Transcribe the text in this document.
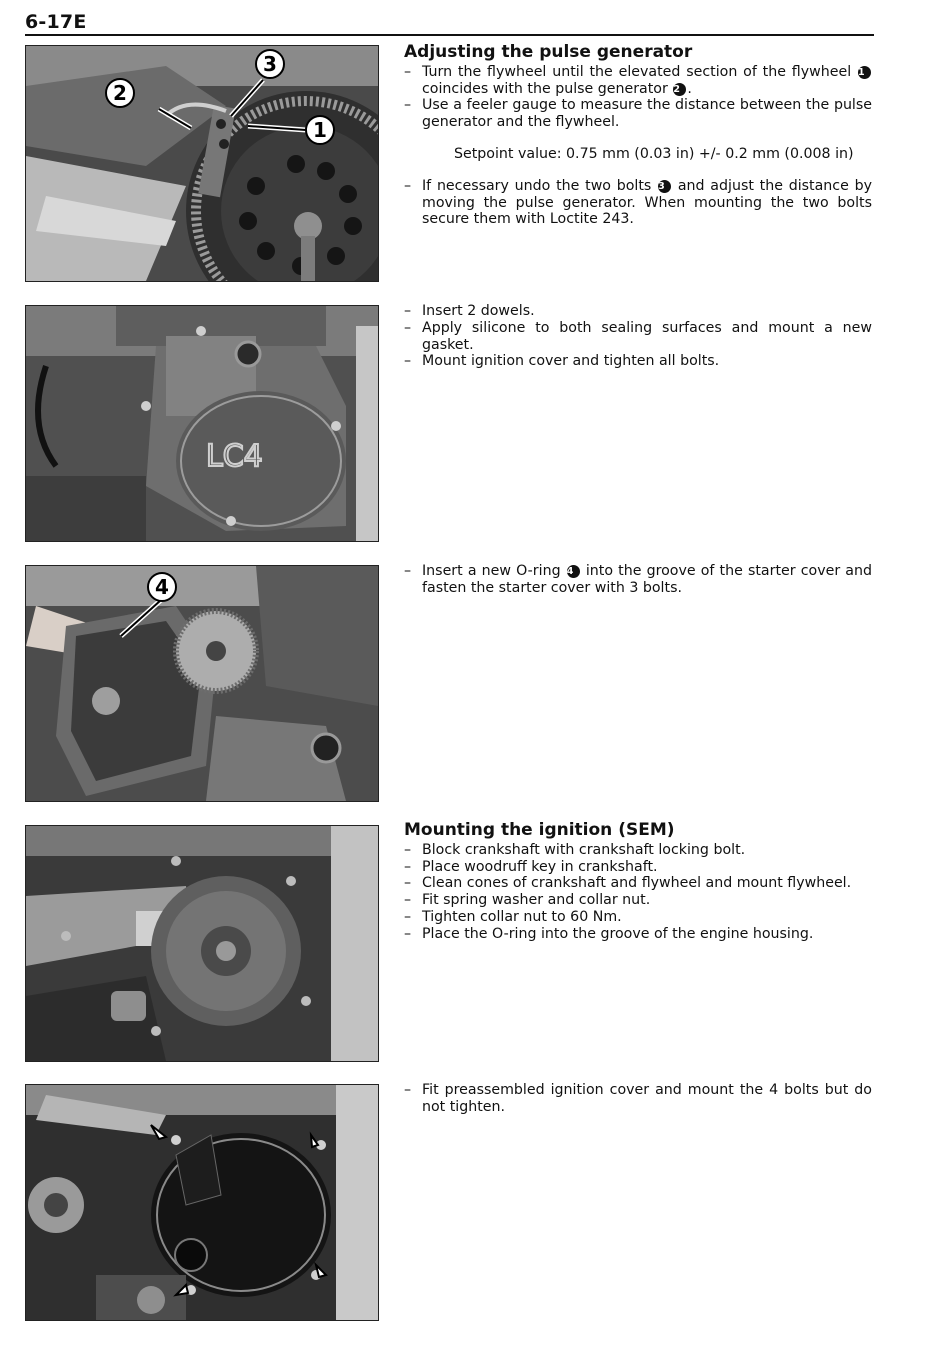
6-17E
2
3
1
Adjusting the pulse generator
– Turn the flywheel until the elevated section of the flywheel 1 coincides with the pulse generator 2 .
– Use a feeler gauge to measure the distance between the pulse generator and the flywheel.
Setpoint value: 0.75 mm (0.03 in) +/- 0.2 mm (0.008 in)
– If necessary undo the two bolts 3 and adjust the distance by moving the pulse generator. When mounting the two bolts secure them with Loctite 243.
LC4
– Insert 2 dowels.
– Apply silicone to both sealing surfaces and mount a new gasket.
– Mount ignition cover and tighten all bolts.
4
– Insert a new O-ring 4 into the groove of the starter cover and fasten the starter cover with 3 bolts.
Mounting the ignition (SEM)
– Block crankshaft with crankshaft locking bolt.
– Place woodruff key in crankshaft.
– Clean cones of crankshaft and flywheel and mount flywheel.
– Fit spring washer and collar nut.
– Tighten collar nut to 60 Nm.
– Place the O-ring into the groove of the engine housing.
– Fit preassembled ignition cover and mount the 4 bolts but do not tighten.
